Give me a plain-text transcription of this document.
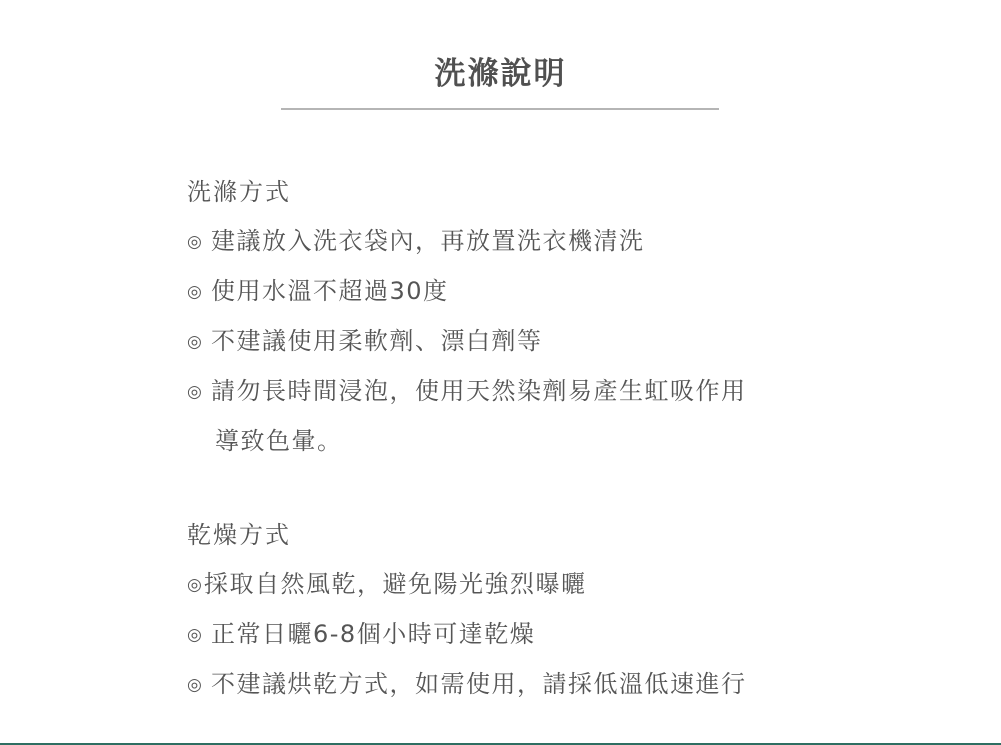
洗滌說明
洗滌方式
◎ 建議放入洗衣袋內，再放置洗衣機清洗
◎ 使用水溫不超過30度
◎ 不建議使用柔軟劑、漂白劑等
◎ 請勿長時間浸泡，使用天然染劑易產生虹吸作用
導致色暈。
乾燥方式
◎採取自然風乾，避免陽光強烈曝曬
◎ 正常日曬6-8個小時可達乾燥
◎ 不建議烘乾方式，如需使用，請採低溫低速進行
